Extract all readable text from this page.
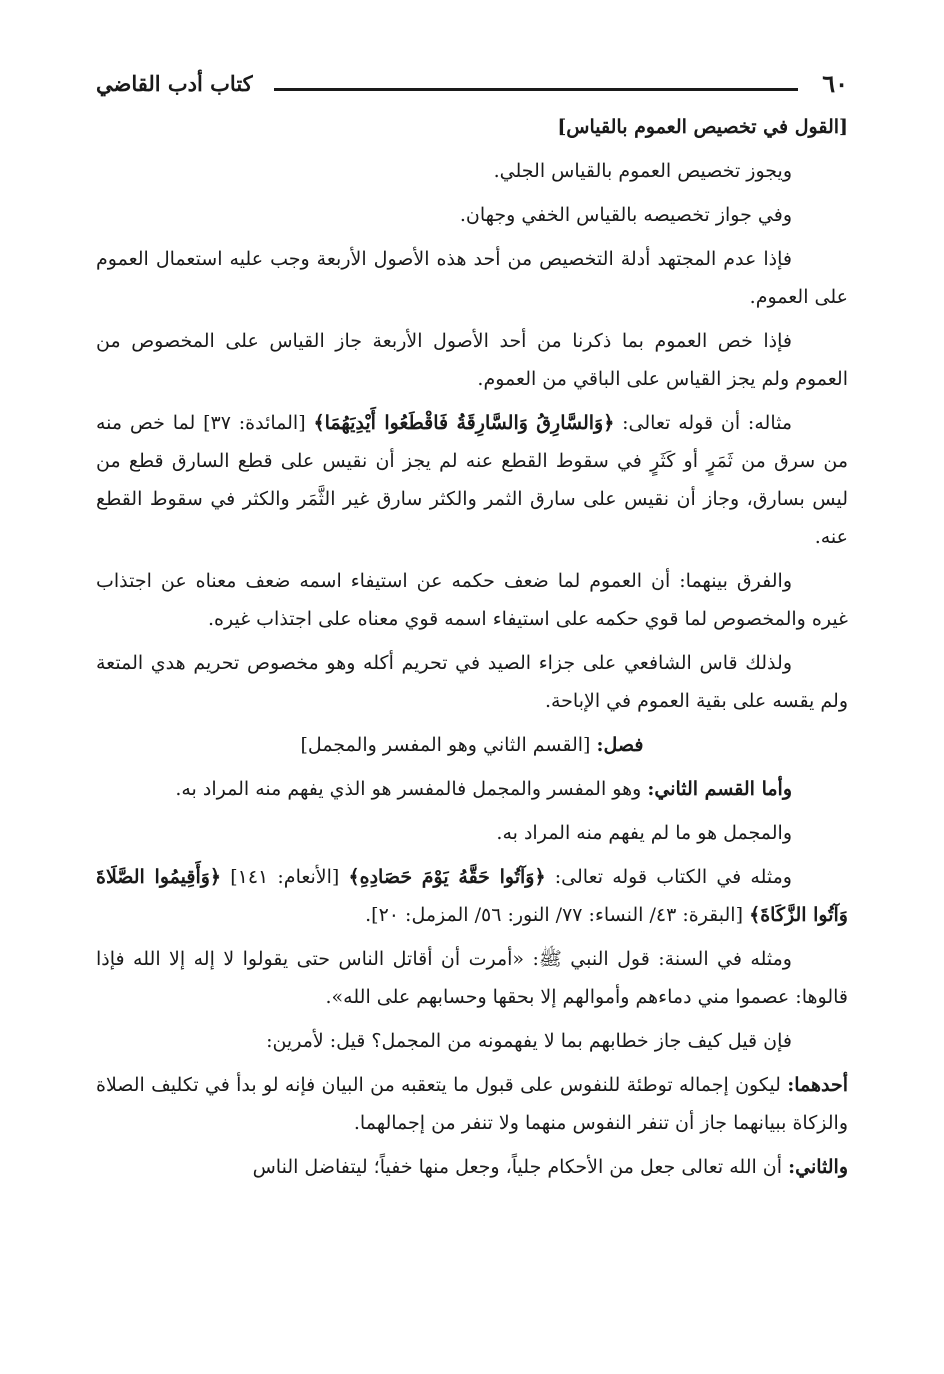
٦٠
كتاب أدب القاضي

[القول في تخصيص العموم بالقياس]

ويجوز تخصيص العموم بالقياس الجلي.

وفي جواز تخصيصه بالقياس الخفي وجهان.

فإذا عدم المجتهد أدلة التخصيص من أحد هذه الأصول الأربعة وجب عليه استعمال العموم على العموم.

فإذا خص العموم بما ذكرنا من أحد الأصول الأربعة جاز القياس على المخصوص من العموم ولم يجز القياس على الباقي من العموم.

مثاله: أن قوله تعالى: ﴿وَالسَّارِقُ وَالسَّارِقَةُ فَاقْطَعُوا أَيْدِيَهُمَا﴾ [المائدة: ٣٧] لما خص منه من سرق من ثَمَرٍ أو كَثَرٍ في سقوط القطع عنه لم يجز أن نقيس على قطع السارق قطع من ليس بسارق، وجاز أن نقيس على سارق الثمر والكثر سارق غير الثَّمَر والكثر في سقوط القطع عنه.

والفرق بينهما: أن العموم لما ضعف حكمه عن استيفاء اسمه ضعف معناه عن اجتذاب غيره والمخصوص لما قوي حكمه على استيفاء اسمه قوي معناه على اجتذاب غيره.

ولذلك قاس الشافعي على جزاء الصيد في تحريم أكله وهو مخصوص تحريم هدي المتعة ولم يقسه على بقية العموم في الإباحة.

فصل: [القسم الثاني وهو المفسر والمجمل]

وأما القسم الثاني: وهو المفسر والمجمل فالمفسر هو الذي يفهم منه المراد به.

والمجمل هو ما لم يفهم منه المراد به.

ومثله في الكتاب قوله تعالى: ﴿وَآتُوا حَقَّهُ يَوْمَ حَصَادِهِ﴾ [الأنعام: ١٤١] ﴿وَأَقِيمُوا الصَّلَاةَ وَآتُوا الزَّكَاةَ﴾ [البقرة: ٤٣/ النساء: ٧٧/ النور: ٥٦/ المزمل: ٢٠].

ومثله في السنة: قول النبي ﷺ: «أمرت أن أقاتل الناس حتى يقولوا لا إله إلا الله فإذا قالوها: عصموا مني دماءهم وأموالهم إلا بحقها وحسابهم على الله».

فإن قيل كيف جاز خطابهم بما لا يفهمونه من المجمل؟ قيل: لأمرين:

أحدهما: ليكون إجماله توطئة للنفوس على قبول ما يتعقبه من البيان فإنه لو بدأ في تكليف الصلاة والزكاة ببيانهما جاز أن تنفر النفوس منهما ولا تنفر من إجمالهما.

والثاني: أن الله تعالى جعل من الأحكام جلياً، وجعل منها خفياً؛ ليتفاضل الناس
